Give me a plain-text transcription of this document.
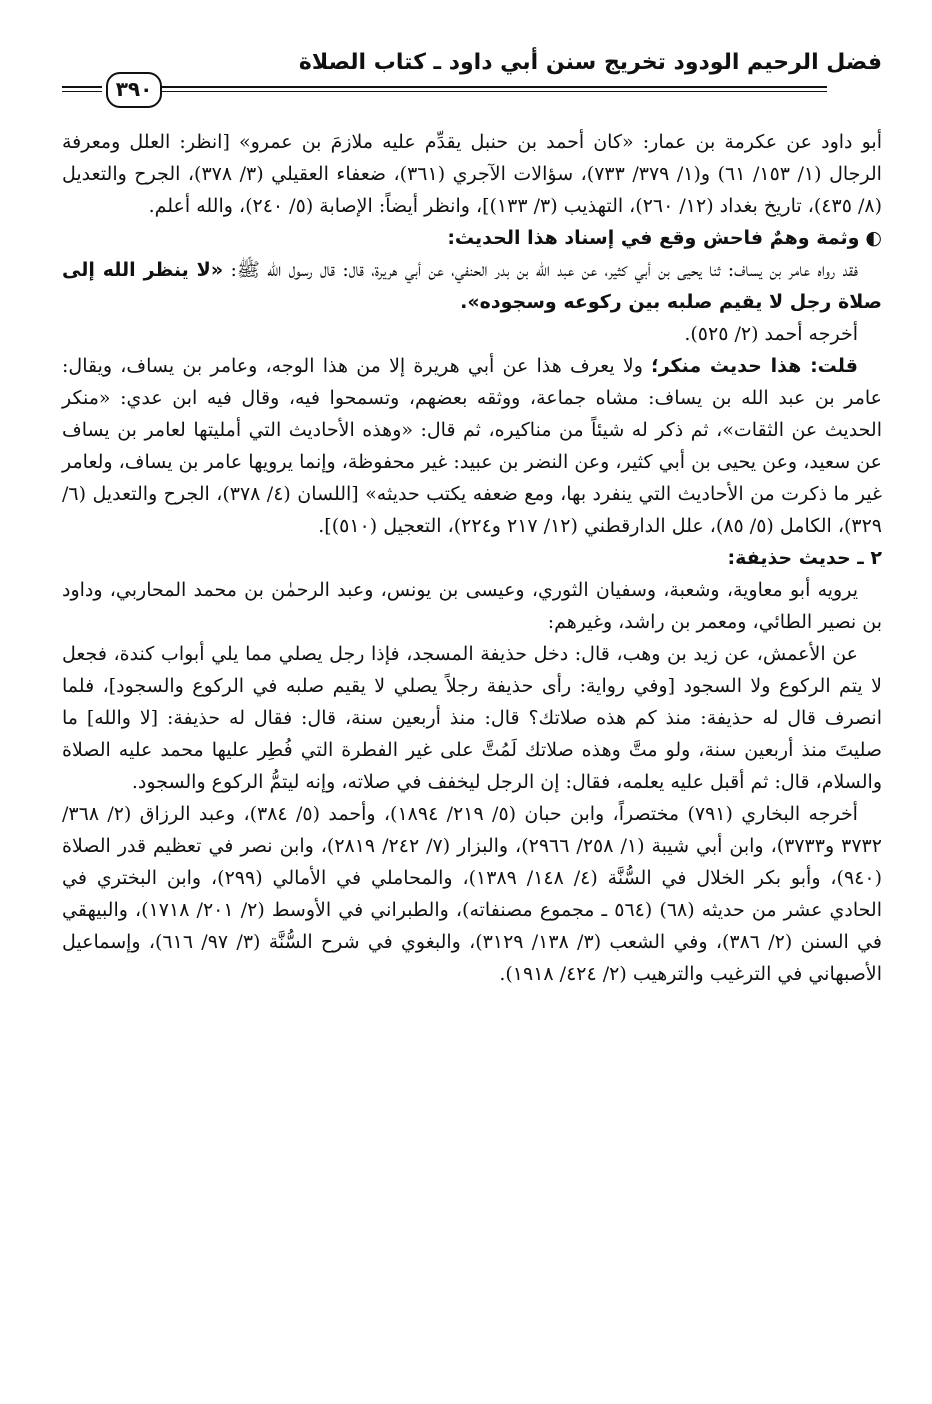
فضل الرحيم الودود تخريج سنن أبي داود ـ كتاب الصلاة
٣٩٠

أبو داود عن عكرمة بن عمار: «كان أحمد بن حنبل يقدِّم عليه ملازمَ بن عمرو» [انظر: العلل ومعرفة الرجال (١/ ١٥٣/ ٦١) و(١/ ٣٧٩/ ٧٣٣)، سؤالات الآجري (٣٦١)، ضعفاء العقيلي (٣/ ٣٧٨)، الجرح والتعديل (٨/ ٤٣٥)، تاريخ بغداد (١٢/ ٢٦٠)، التهذيب (٣/ ١٣٣)]، وانظر أيضاً: الإصابة (٥/ ٢٤٠)، والله أعلم.

◐وثمة وهمٌ فاحش وقع في إسناد هذا الحديث:

فقد رواه عامر بن يساف: ثنا يحيى بن أبي كثير، عن عبد الله بن بدر الحنفي، عن أبي هريرة، قال: قال رسول الله ﷺ: «لا ينظر الله إلى صلاة رجل لا يقيم صلبه بين ركوعه وسجوده».

أخرجه أحمد (٢/ ٥٢٥).

قلت: هذا حديث منكر؛ ولا يعرف هذا عن أبي هريرة إلا من هذا الوجه، وعامر بن يساف، ويقال: عامر بن عبد الله بن يساف: مشاه جماعة، ووثقه بعضهم، وتسمحوا فيه، وقال فيه ابن عدي: «منكر الحديث عن الثقات»، ثم ذكر له شيئاً من مناكيره، ثم قال: «وهذه الأحاديث التي أمليتها لعامر بن يساف عن سعيد، وعن يحيى بن أبي كثير، وعن النضر بن عبيد: غير محفوظة، وإنما يرويها عامر بن يساف، ولعامر غير ما ذكرت من الأحاديث التي ينفرد بها، ومع ضعفه يكتب حديثه» [اللسان (٤/ ٣٧٨)، الجرح والتعديل (٦/ ٣٢٩)، الكامل (٥/ ٨٥)، علل الدارقطني (١٢/ ٢١٧ و٢٢٤)، التعجيل (٥١٠)].

٢ ـ حديث حذيفة:

يرويه أبو معاوية، وشعبة، وسفيان الثوري، وعيسى بن يونس، وعبد الرحمٰن بن محمد المحاربي، وداود بن نصير الطائي، ومعمر بن راشد، وغيرهم:

عن الأعمش، عن زيد بن وهب، قال: دخل حذيفة المسجد، فإذا رجل يصلي مما يلي أبواب كندة، فجعل لا يتم الركوع ولا السجود [وفي رواية: رأى حذيفة رجلاً يصلي لا يقيم صلبه في الركوع والسجود]، فلما انصرف قال له حذيفة: منذ كم هذه صلاتك؟ قال: منذ أربعين سنة، قال: فقال له حذيفة: [لا والله] ما صليتَ منذ أربعين سنة، ولو متَّ وهذه صلاتك لَمُتَّ على غير الفطرة التي فُطِر عليها محمد عليه الصلاة والسلام، قال: ثم أقبل عليه يعلمه، فقال: إن الرجل ليخفف في صلاته، وإنه ليتمُّ الركوع والسجود.

أخرجه البخاري (٧٩١) مختصراً، وابن حبان (٥/ ٢١٩/ ١٨٩٤)، وأحمد (٥/ ٣٨٤)، وعبد الرزاق (٢/ ٣٦٨/ ٣٧٣٢ و٣٧٣٣)، وابن أبي شيبة (١/ ٢٥٨/ ٢٩٦٦)، والبزار (٧/ ٢٤٢/ ٢٨١٩)، وابن نصر في تعظيم قدر الصلاة (٩٤٠)، وأبو بكر الخلال في السُّنَّة (٤/ ١٤٨/ ١٣٨٩)، والمحاملي في الأمالي (٢٩٩)، وابن البختري في الحادي عشر من حديثه (٦٨) (٥٦٤ ـ مجموع مصنفاته)، والطبراني في الأوسط (٢/ ٢٠١/ ١٧١٨)، والبيهقي في السنن (٢/ ٣٨٦)، وفي الشعب (٣/ ١٣٨/ ٣١٢٩)، والبغوي في شرح السُّنَّة (٣/ ٩٧/ ٦١٦)، وإسماعيل الأصبهاني في الترغيب والترهيب (٢/ ٤٢٤/ ١٩١٨).
